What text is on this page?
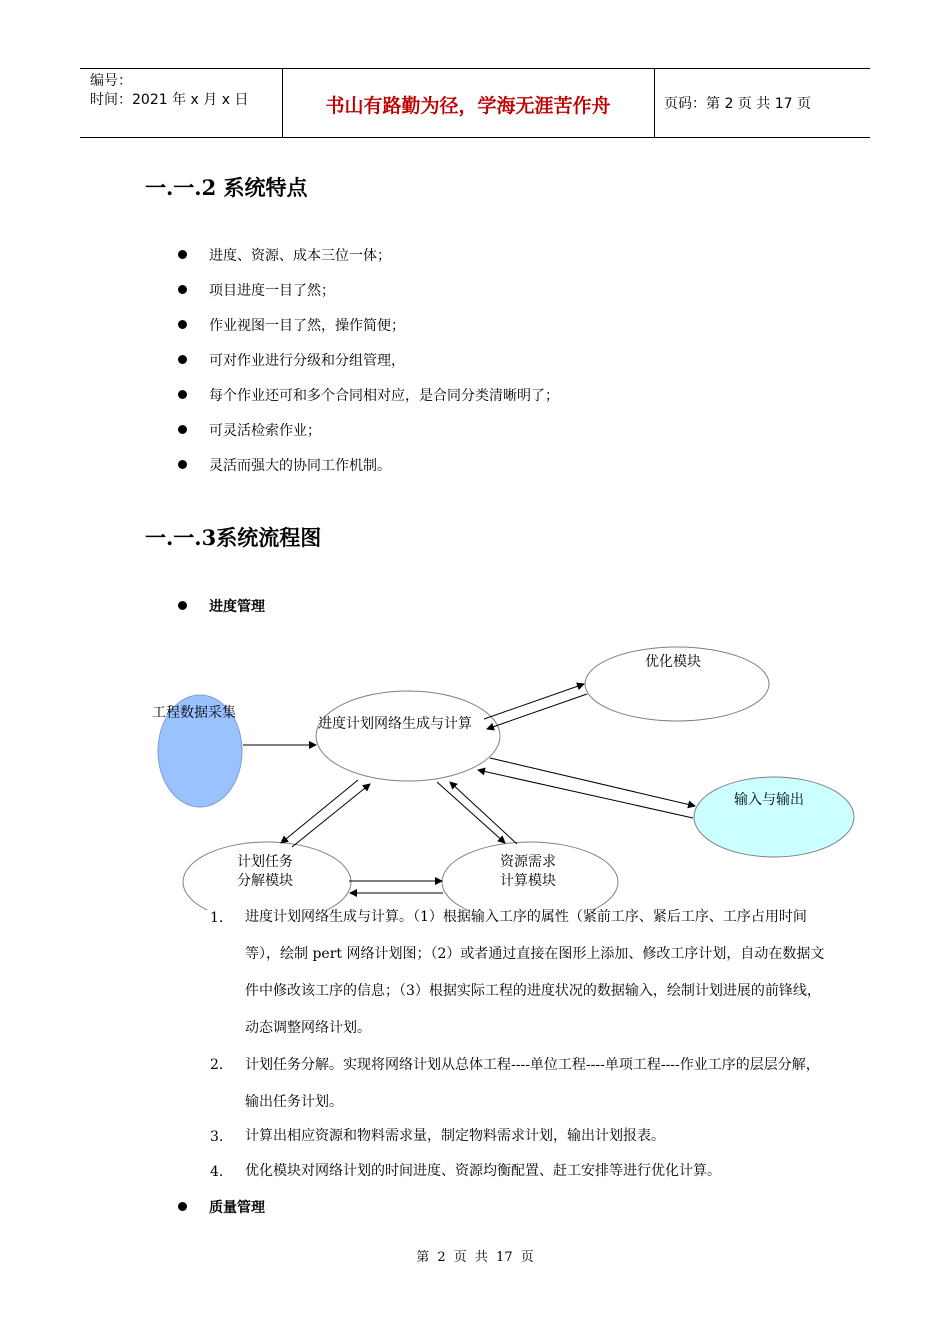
编号：
时间：2021 年 x 月 x 日	书山有路勤为径，学海无涯苦作舟	页码：第 2 页 共 17 页
一.一.2 系统特点
进度、资源、成本三位一体；
项目进度一目了然；
作业视图一目了然，操作简便；
可对作业进行分级和分组管理，
每个作业还可和多个合同相对应，是合同分类清晰明了；
可灵活检索作业；
灵活而强大的协同工作机制。
一.一.3系统流程图
进度管理
工程数据采集
进度计划网络生成与计算
优化模块
输入与输出
计划任务
分解模块
资源需求
计算模块
1. 进度计划网络生成与计算。（1）根据输入工序的属性（紧前工序、紧后工序、工序占用时间等），绘制 pert 网络计划图；（2）或者通过直接在图形上添加、修改工序计划，自动在数据文件中修改该工序的信息；（3）根据实际工程的进度状况的数据输入，绘制计划进展的前锋线，动态调整网络计划。
2. 计划任务分解。实现将网络计划从总体工程----单位工程----单项工程----作业工序的层层分解，输出任务计划。
3. 计算出相应资源和物料需求量，制定物料需求计划，输出计划报表。
4. 优化模块对网络计划的时间进度、资源均衡配置、赶工安排等进行优化计算。
质量管理
第 2 页 共 17 页
